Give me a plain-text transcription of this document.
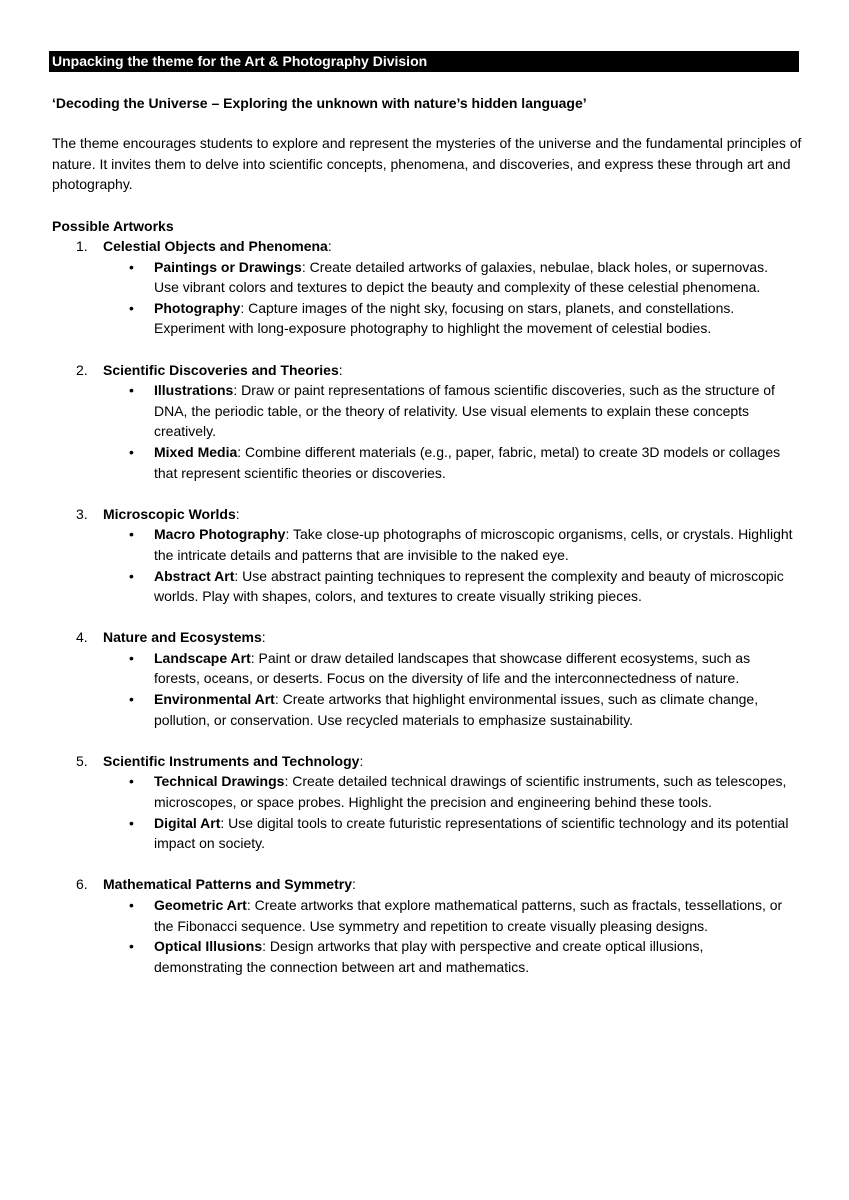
Unpacking the theme for the Art & Photography Division
‘Decoding the Universe – Exploring the unknown with nature’s hidden language’

The theme encourages students to explore and represent the mysteries of the universe and the fundamental principles of nature. It invites them to delve into scientific concepts, phenomena, and discoveries, and express these through art and photography.

Possible Artworks
1. Celestial Objects and Phenomena:
• Paintings or Drawings: Create detailed artworks of galaxies, nebulae, black holes, or supernovas. Use vibrant colors and textures to depict the beauty and complexity of these celestial phenomena.
• Photography: Capture images of the night sky, focusing on stars, planets, and constellations. Experiment with long-exposure photography to highlight the movement of celestial bodies.
2. Scientific Discoveries and Theories:
• Illustrations: Draw or paint representations of famous scientific discoveries, such as the structure of DNA, the periodic table, or the theory of relativity. Use visual elements to explain these concepts creatively.
• Mixed Media: Combine different materials (e.g., paper, fabric, metal) to create 3D models or collages that represent scientific theories or discoveries.
3. Microscopic Worlds:
• Macro Photography: Take close-up photographs of microscopic organisms, cells, or crystals. Highlight the intricate details and patterns that are invisible to the naked eye.
• Abstract Art: Use abstract painting techniques to represent the complexity and beauty of microscopic worlds. Play with shapes, colors, and textures to create visually striking pieces.
4. Nature and Ecosystems:
• Landscape Art: Paint or draw detailed landscapes that showcase different ecosystems, such as forests, oceans, or deserts. Focus on the diversity of life and the interconnectedness of nature.
• Environmental Art: Create artworks that highlight environmental issues, such as climate change, pollution, or conservation. Use recycled materials to emphasize sustainability.
5. Scientific Instruments and Technology:
• Technical Drawings: Create detailed technical drawings of scientific instruments, such as telescopes, microscopes, or space probes. Highlight the precision and engineering behind these tools.
• Digital Art: Use digital tools to create futuristic representations of scientific technology and its potential impact on society.
6. Mathematical Patterns and Symmetry:
• Geometric Art: Create artworks that explore mathematical patterns, such as fractals, tessellations, or the Fibonacci sequence. Use symmetry and repetition to create visually pleasing designs.
• Optical Illusions: Design artworks that play with perspective and create optical illusions, demonstrating the connection between art and mathematics.
